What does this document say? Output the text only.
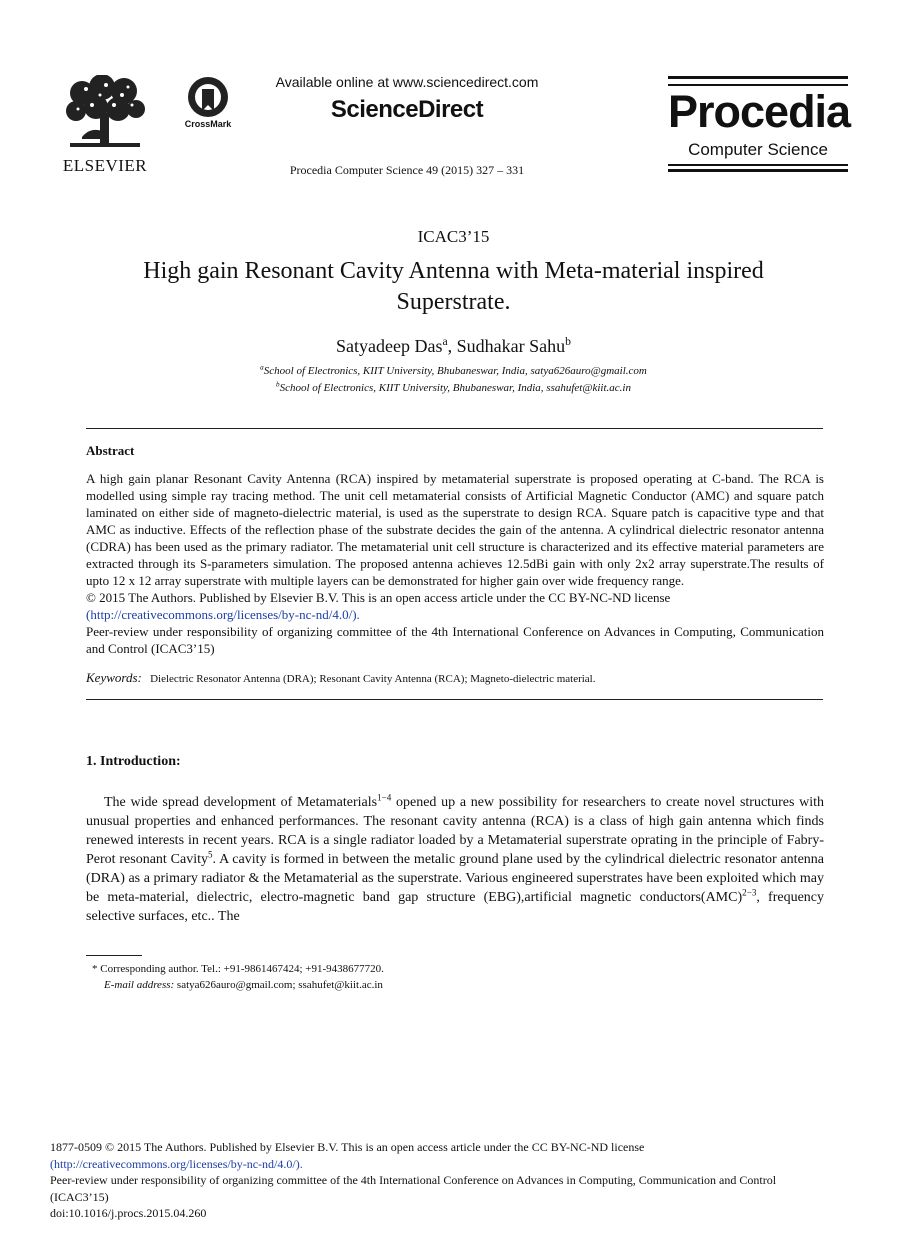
ELSEVIER
CrossMark
Available online at www.sciencedirect.com
ScienceDirect
Procedia Computer Science 49 (2015) 327 – 331
Procedia
Computer Science
ICAC3’15
High gain Resonant Cavity Antenna with Meta-material inspired Superstrate.
Satyadeep Das$^a$, Sudhakar Sahu$^b$
$^a$School of Electronics, KIIT University, Bhubaneswar, India, satya626auro@gmail.com
$^b$School of Electronics, KIIT University, Bhubaneswar, India, ssahufet@kiit.ac.in
Abstract

A high gain planar Resonant Cavity Antenna (RCA) inspired by metamaterial superstrate is proposed operating at C-band. The RCA is modelled using simple ray tracing method. The unit cell metamaterial consists of Artificial Magnetic Conductor (AMC) and square patch laminated on either side of magneto-dielectric material, is used as the superstrate to design RCA. Square patch is capacitive type and that AMC as inductive. Effects of the reflection phase of the substrate decides the gain of the antenna. A cylindrical dielectric resonator antenna (CDRA) has been used as the primary radiator. The metamaterial unit cell structure is characterized and its effective material parameters are extracted through its S-parameters simulation. The proposed antenna achieves 12.5dBi gain with only 2x2 array superstrate.The results of upto 12 x 12 array superstrate with multiple layers can be demonstrated for higher gain over wide frequency range.

© 2015 The Authors. Published by Elsevier B.V. This is an open access article under the CC BY-NC-ND license

(http://creativecommons.org/licenses/by-nc-nd/4.0/).

Peer-review under responsibility of organizing committee of the 4th International Conference on Advances in Computing, Communication and Control (ICAC3’15)

Keywords: Dielectric Resonator Antenna (DRA); Resonant Cavity Antenna (RCA); Magneto-dielectric material.
1. Introduction:

The wide spread development of Metamaterials$^{1-4}$ opened up a new possibility for researchers to create novel structures with unusual properties and enhanced performances. The resonant cavity antenna (RCA) is a class of high gain antenna which finds renewed interests in recent years. RCA is a single radiator loaded by a Metamaterial superstrate oprating in the principle of Fabry-Perot resonant Cavity$^5$. A cavity is formed in between the metalic ground plane used by the cylindrical dielectric resonator antenna (DRA) as a primary radiator & the Metamaterial as the superstrate. Various engineered superstrates have been exploited which may be meta-material, dielectric, electro-magnetic band gap structure (EBG),artificial magnetic conductors(AMC)$^{2-3}$, frequency selective surfaces, etc.. The

* Corresponding author. Tel.: +91-9861467424; +91-9438677720.
E-mail address: satya626auro@gmail.com; ssahufet@kiit.ac.in

1877-0509 © 2015 The Authors. Published by Elsevier B.V. This is an open access article under the CC BY-NC-ND license

(http://creativecommons.org/licenses/by-nc-nd/4.0/).

Peer-review under responsibility of organizing committee of the 4th International Conference on Advances in Computing, Communication and Control (ICAC3’15)

doi:10.1016/j.procs.2015.04.260
